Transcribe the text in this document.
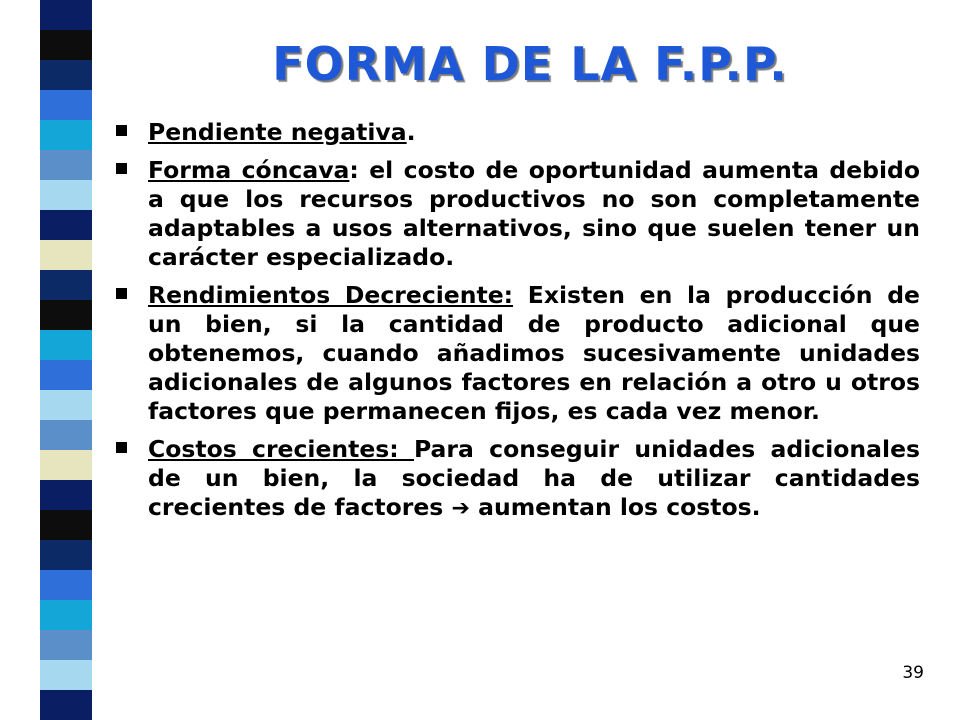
FORMA DE LA F.P.P.
Pendiente negativa.
Forma cóncava: el costo de oportunidad aumenta debido a que los recursos productivos no son completamente adaptables a usos alternativos, sino que suelen tener un carácter especializado.
Rendimientos Decreciente: Existen en la producción de un bien, si la cantidad de producto adicional que obtenemos, cuando añadimos sucesivamente unidades adicionales de algunos factores en relación a otro u otros factores que permanecen fijos, es cada vez menor.
Costos crecientes: Para conseguir unidades adicionales de un bien, la sociedad ha de utilizar cantidades crecientes de factores ➔ aumentan los costos.
39
